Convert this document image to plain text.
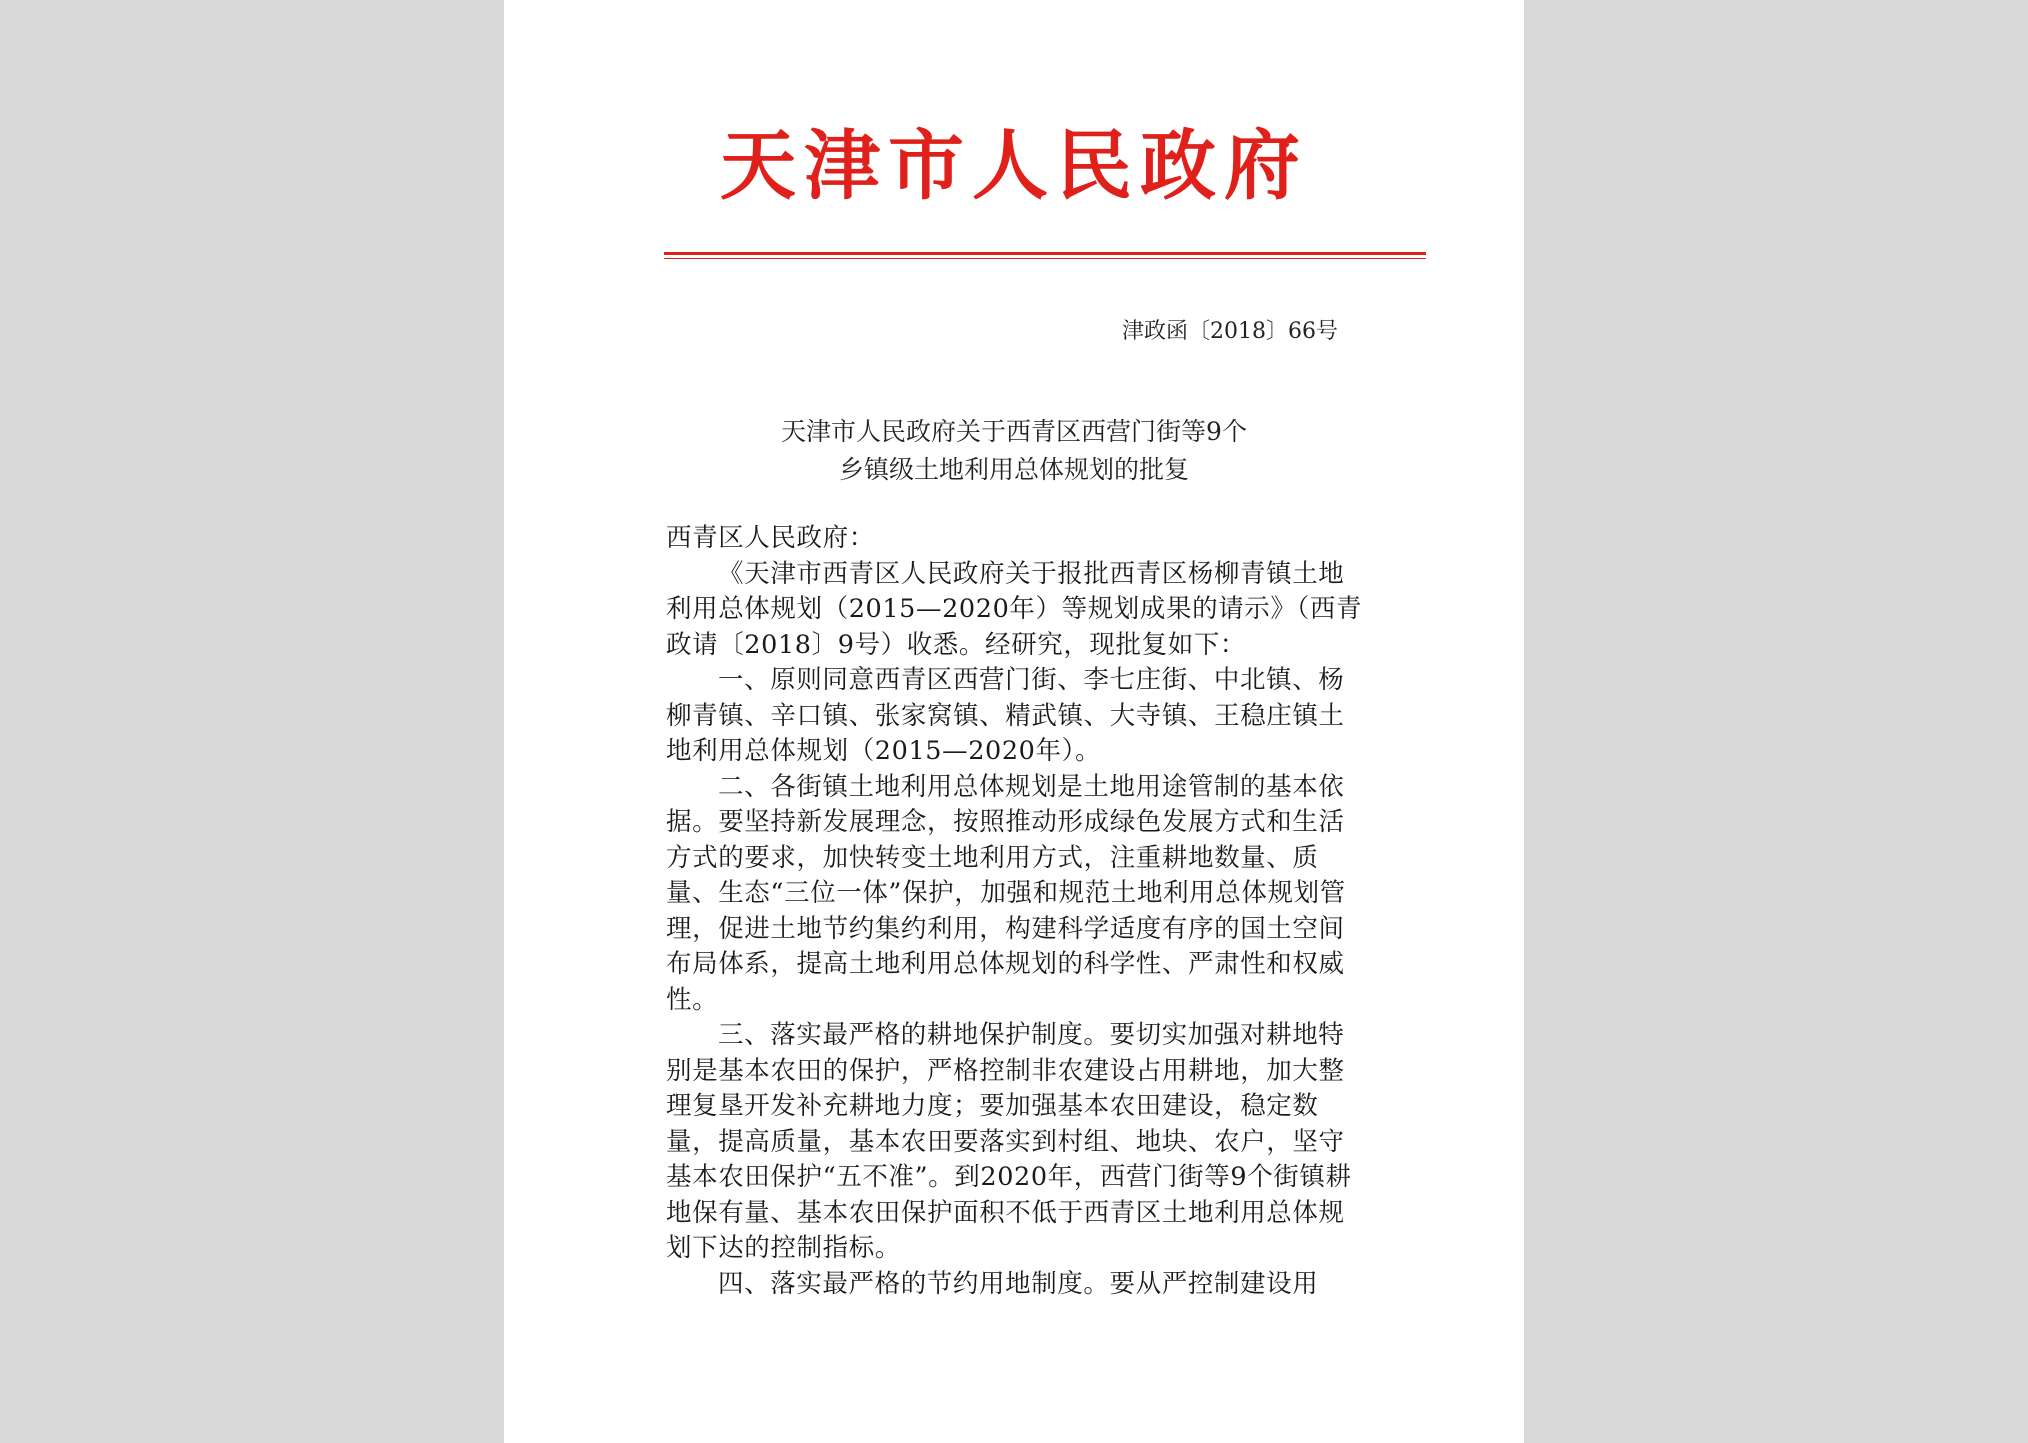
天津市人民政府
津政函〔2018〕66号
天津市人民政府关于西青区西营门街等9个
乡镇级土地利用总体规划的批复

西青区人民政府：

《天津市西青区人民政府关于报批西青区杨柳青镇土地利用总体规划（2015—2020年）等规划成果的请示》（西青政请〔2018〕9号）收悉。经研究，现批复如下：

一、原则同意西青区西营门街、李七庄街、中北镇、杨柳青镇、辛口镇、张家窝镇、精武镇、大寺镇、王稳庄镇土地利用总体规划（2015—2020年）。

二、各街镇土地利用总体规划是土地用途管制的基本依据。要坚持新发展理念，按照推动形成绿色发展方式和生活方式的要求，加快转变土地利用方式，注重耕地数量、质量、生态“三位一体”保护，加强和规范土地利用总体规划管理，促进土地节约集约利用，构建科学适度有序的国土空间布局体系，提高土地利用总体规划的科学性、严肃性和权威性。

三、落实最严格的耕地保护制度。要切实加强对耕地特别是基本农田的保护，严格控制非农建设占用耕地，加大整理复垦开发补充耕地力度；要加强基本农田建设，稳定数量，提高质量，基本农田要落实到村组、地块、农户，坚守基本农田保护“五不准”。到2020年，西营门街等9个街镇耕地保有量、基本农田保护面积不低于西青区土地利用总体规划下达的控制指标。

四、落实最严格的节约用地制度。要从严控制建设用
